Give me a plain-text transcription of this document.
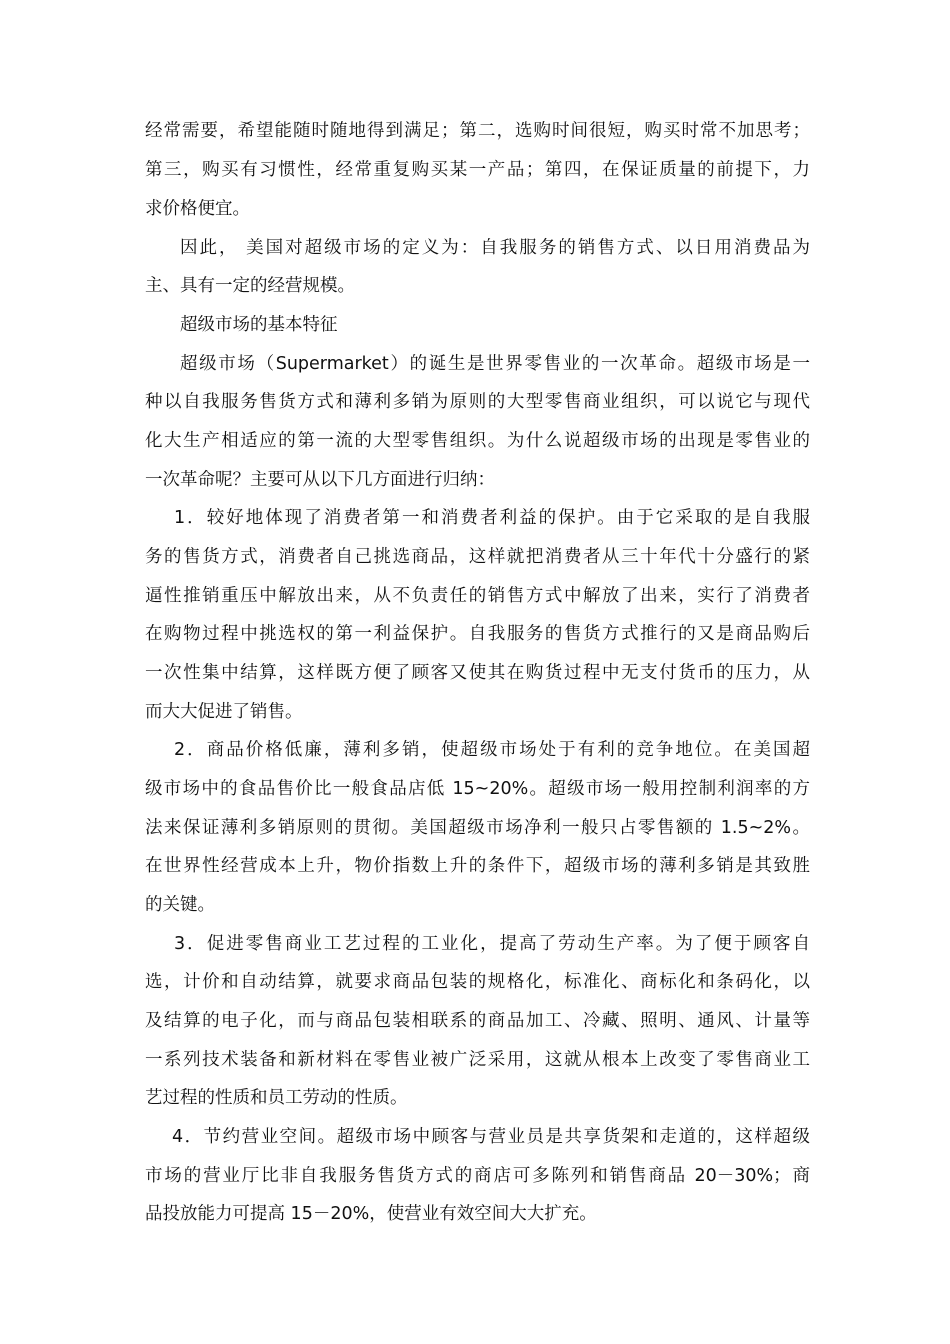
经常需要，希望能随时随地得到满足；第二，选购时间很短，购买时常不加思考；
第三，购买有习惯性，经常重复购买某一产品；第四，在保证质量的前提下，力
求价格便宜。
因此， 美国对超级市场的定义为：自我服务的销售方式、以日用消费品为
主、具有一定的经营规模。
超级市场的基本特征
超级市场（Supermarket）的诞生是世界零售业的一次革命。超级市场是一
种以自我服务售货方式和薄利多销为原则的大型零售商业组织，可以说它与现代
化大生产相适应的第一流的大型零售组织。为什么说超级市场的出现是零售业的
一次革命呢？主要可从以下几方面进行归纳：
1．较好地体现了消费者第一和消费者利益的保护。由于它采取的是自我服
务的售货方式，消费者自己挑选商品，这样就把消费者从三十年代十分盛行的紧
逼性推销重压中解放出来，从不负责任的销售方式中解放了出来，实行了消费者
在购物过程中挑选权的第一利益保护。自我服务的售货方式推行的又是商品购后
一次性集中结算，这样既方便了顾客又使其在购货过程中无支付货币的压力，从
而大大促进了销售。
2．商品价格低廉，薄利多销，使超级市场处于有利的竞争地位。在美国超
级市场中的食品售价比一般食品店低 15~20%。超级市场一般用控制利润率的方
法来保证薄利多销原则的贯彻。美国超级市场净利一般只占零售额的 1.5~2%。
在世界性经营成本上升，物价指数上升的条件下，超级市场的薄利多销是其致胜
的关键。
3．促进零售商业工艺过程的工业化，提高了劳动生产率。为了便于顾客自
选，计价和自动结算，就要求商品包装的规格化，标准化、商标化和条码化，以
及结算的电子化，而与商品包装相联系的商品加工、冷藏、照明、通风、计量等
一系列技术装备和新材料在零售业被广泛采用，这就从根本上改变了零售商业工
艺过程的性质和员工劳动的性质。
4．节约营业空间。超级市场中顾客与营业员是共享货架和走道的，这样超级
市场的营业厅比非自我服务售货方式的商店可多陈列和销售商品 20－30%；商
品投放能力可提高 15－20%，使营业有效空间大大扩充。
